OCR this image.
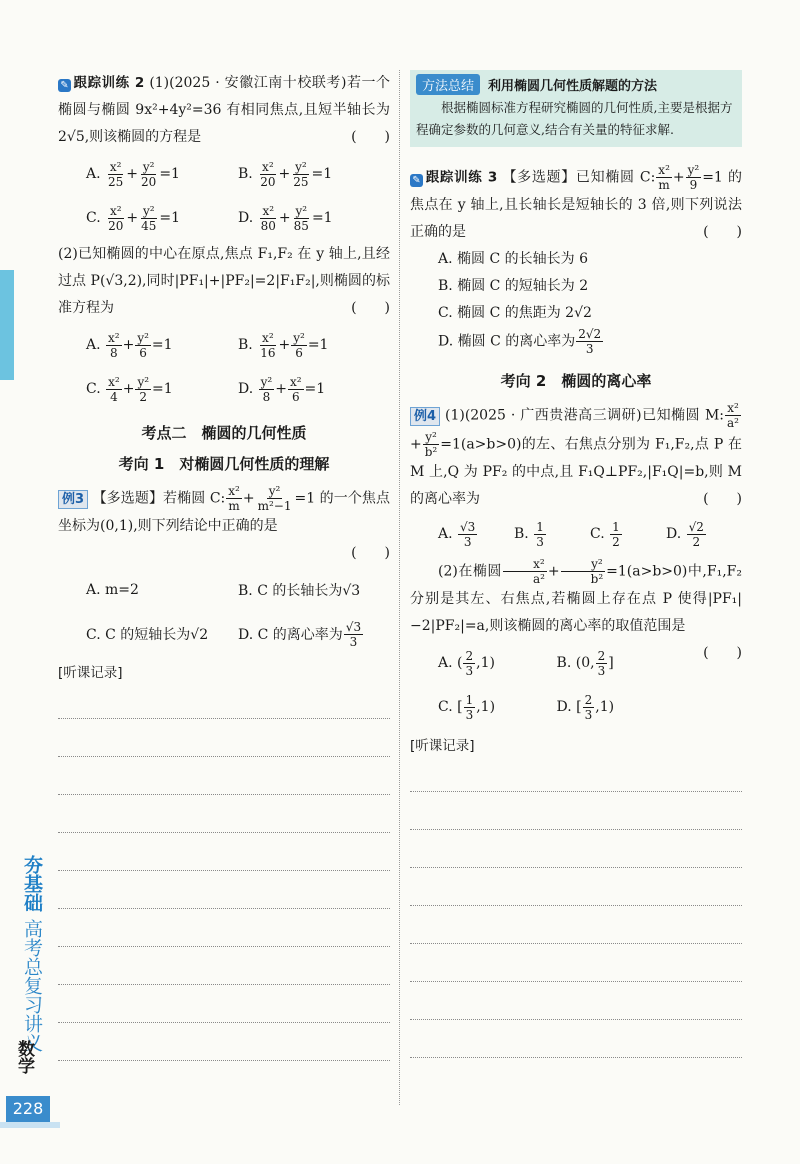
夯基础 高考总复习讲义
数学
228

✎ 跟踪训练 2 (1)(2025 · 安徽江南十校联考)若一个椭圆与椭圆 9x²+4y²=36 有相同焦点,且短半轴长为 2√5,则该椭圆的方程是	(　　)

A.
$\frac{\text{x²}}{25} + \frac{\text{y²}}{20} =1$	B.
$\frac{\text{x²}}{20} + \frac{\text{y²}}{25} =1$
C.
$\frac{\text{x²}}{20} + \frac{\text{y²}}{45} =1$	D.
$\frac{\text{x²}}{80} + \frac{\text{y²}}{85} =1$

(2)已知椭圆的中心在原点,焦点 F₁,F₂ 在 y 轴上,且经过点 P(√3,2),同时|PF₁|+|PF₂|=2|F₁F₂|,则椭圆的标准方程为	(　　)

A.
$\frac{\text{x²}}{8} + \frac{\text{y²}}{6} =1$	B.
$\frac{\text{x²}}{16} + \frac{\text{y²}}{6} =1$
C.
$\frac{\text{x²}}{4} + \frac{\text{y²}}{2} =1$	D.
$\frac{\text{y²}}{8} + \frac{\text{x²}}{6} =1$
考点二　椭圆的几何性质
考向 1　对椭圆几何性质的理解

例3 【多选题】若椭圆 C: $\frac{\text{x²}}{m} + \frac{\text{y²}}{\text{m²−1}} =1$ 的一个焦点坐标为(0,1),则下列结论中正确的是

(　　)

A. m=2	B. C 的长轴长为√3
C. C 的短轴长为√2	D. C 的离心率为 $\frac{√3}{3}$
[听课记录]
方法总结	利用椭圆几何性质解题的方法

根据椭圆标准方程研究椭圆的几何性质,主要是根据方程确定参数的几何意义,结合有关量的特征求解.

✎ 跟踪训练 3 【多选题】已知椭圆 C: $\frac{\text{x²}}{m} + \frac{\text{y²}}{9} =1$ 的焦点在 y 轴上,且长轴长是短轴长的 3 倍,则下列说法正确的是	(　　)

A. 椭圆 C 的长轴长为 6

B. 椭圆 C 的短轴长为 2

C. 椭圆 C 的焦距为 2√2

D. 椭圆 C 的离心率为 $\frac{2√2}{3}$

考向 2　椭圆的离心率

例4 (1)(2025 · 广西贵港高三调研)已知椭圆 M: $\frac{\text{x²}}{\text{a²}}$
+ $\frac{\text{y²}}{\text{b²}} =1(a>b>0)$的左、右焦点分别为 F₁,F₂,点 P 在 M 上,Q 为 PF₂ 的中点,且 F₁Q⊥PF₂,|F₁Q|=b,则 M 的离心率为	(　　)

A.
$\frac{√3}{3}$	B.
$\frac{1}{3}$	C.
$\frac{1}{2}$	D.
$\frac{√2}{2}$

(2)在椭圆 $\frac{\text{x²}}{\text{a²}} + \frac{\text{y²}}{\text{b²}} =1(a>b>0)$中,F₁,F₂ 分别是其左、右焦点,若椭圆上存在点 P 使得|PF₁|−2|PF₂|=a,则该椭圆的离心率的取值范围是
(　　)

A.
( $\frac{2}{3} ,1$)	B.
(0, $\frac{2}{3}$ ]
C.
[ $\frac{1}{3} ,1$)	D.
[ $\frac{2}{3} ,1$)
[听课记录]
